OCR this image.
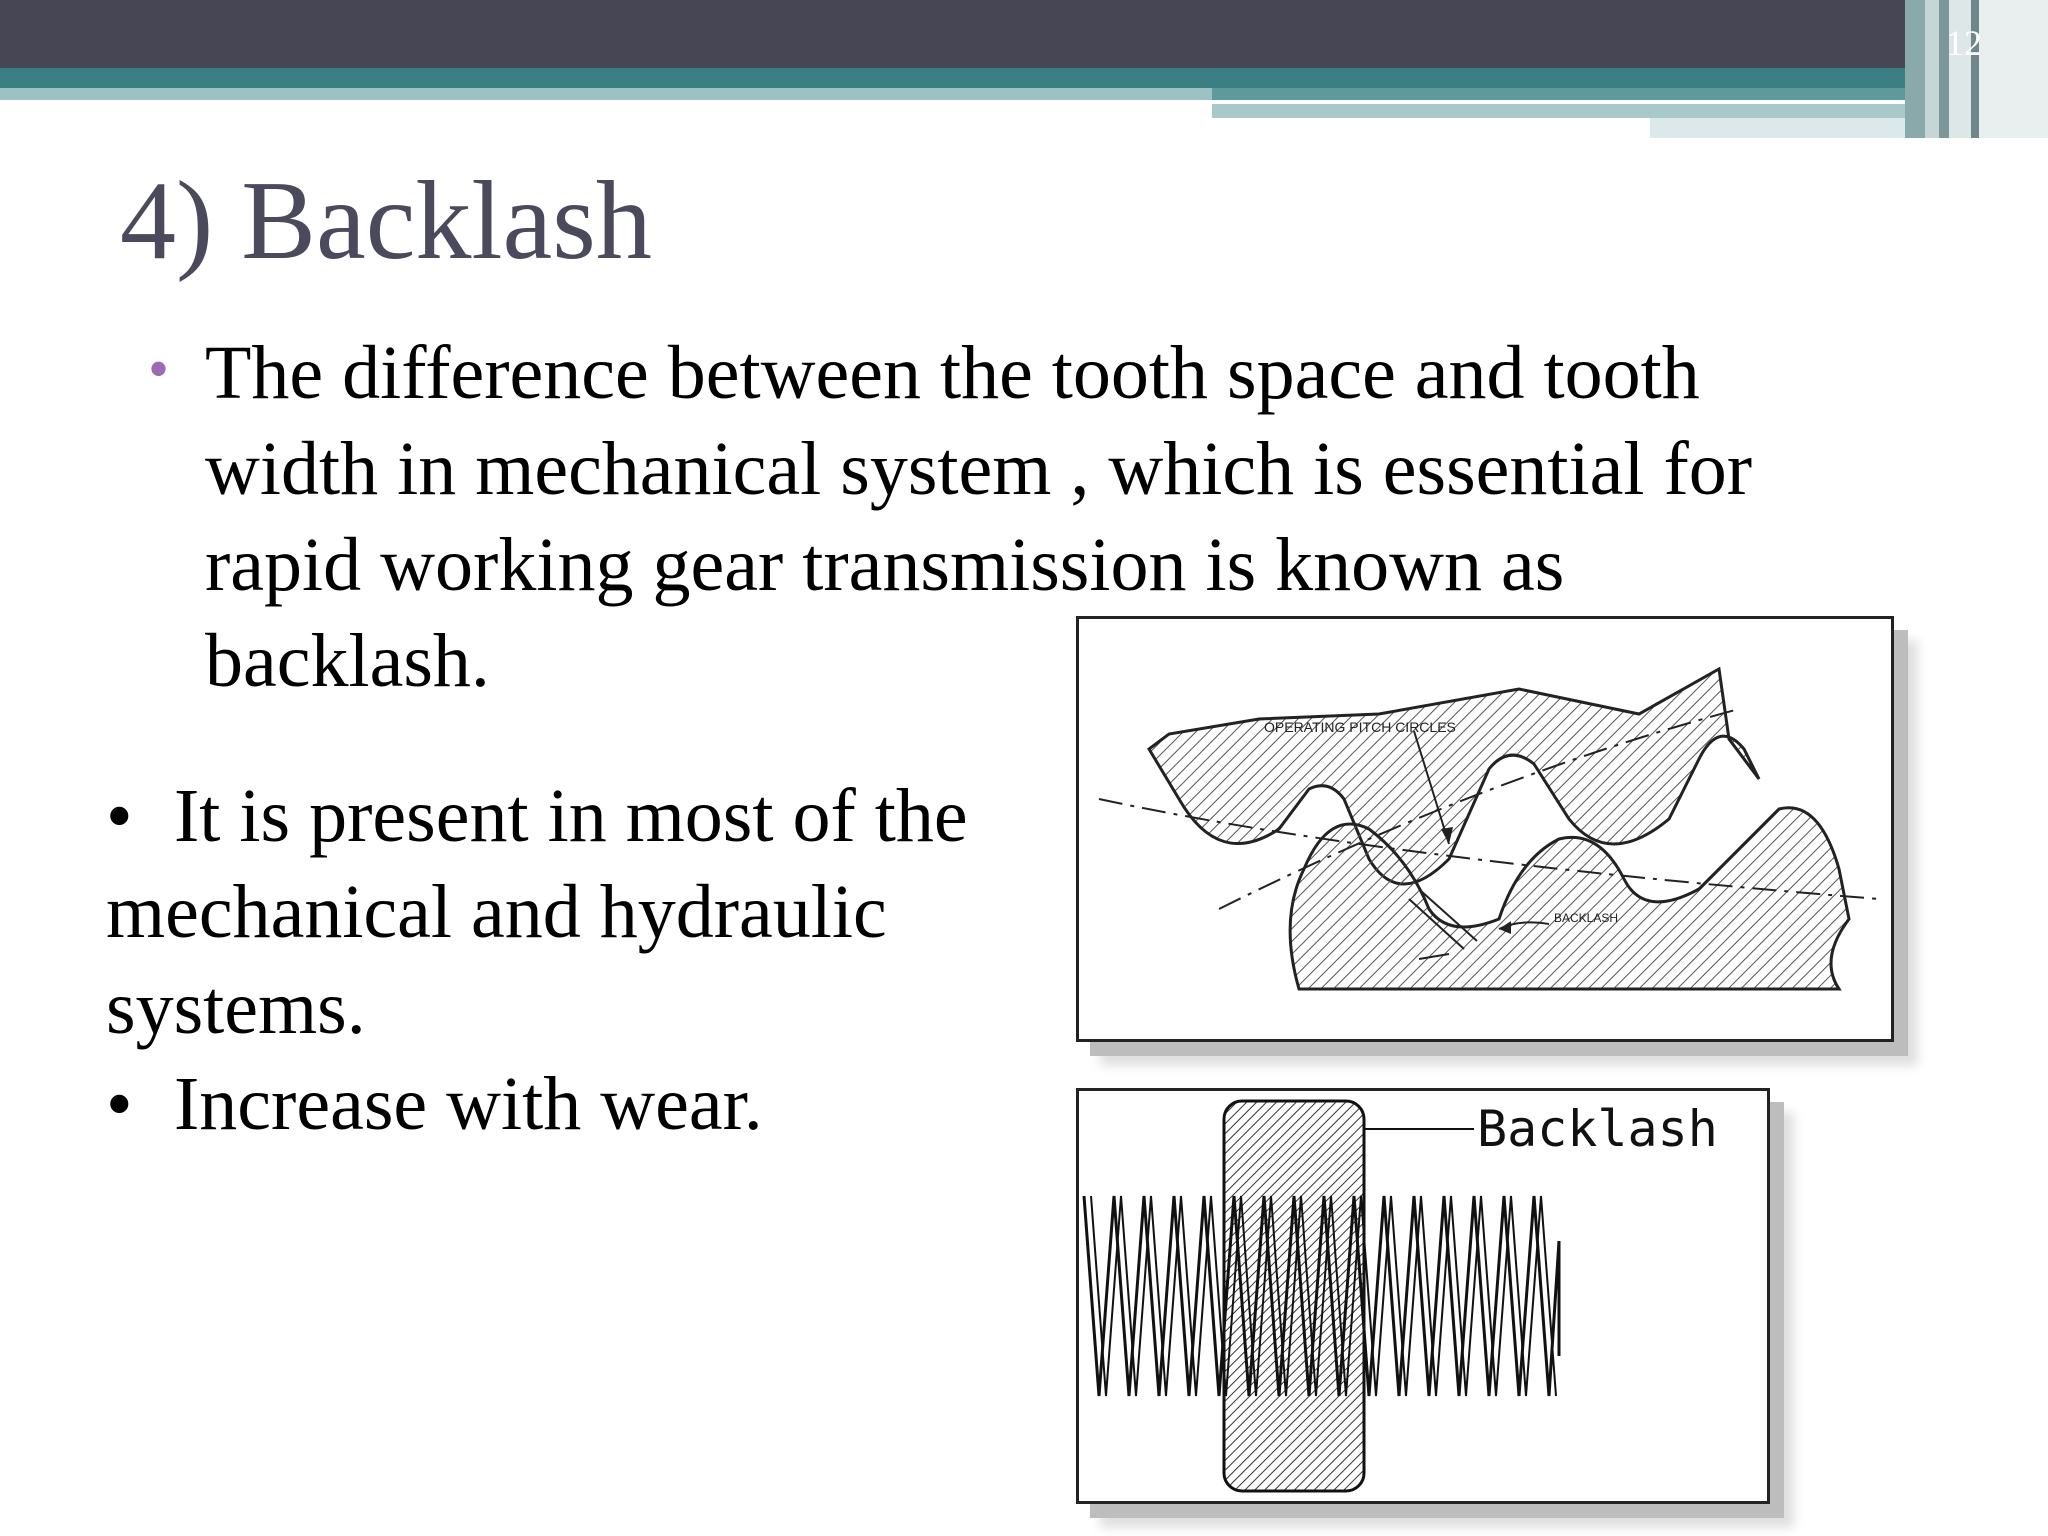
12
4) Backlash
• The difference between the tooth space and tooth width in mechanical system , which is essential for rapid working gear transmission is known as backlash.
• It is present in most of the
mechanical and hydraulic
systems.
• Increase with wear.
OPERATING PITCH CIRCLES
BACKLASH
Backlash
